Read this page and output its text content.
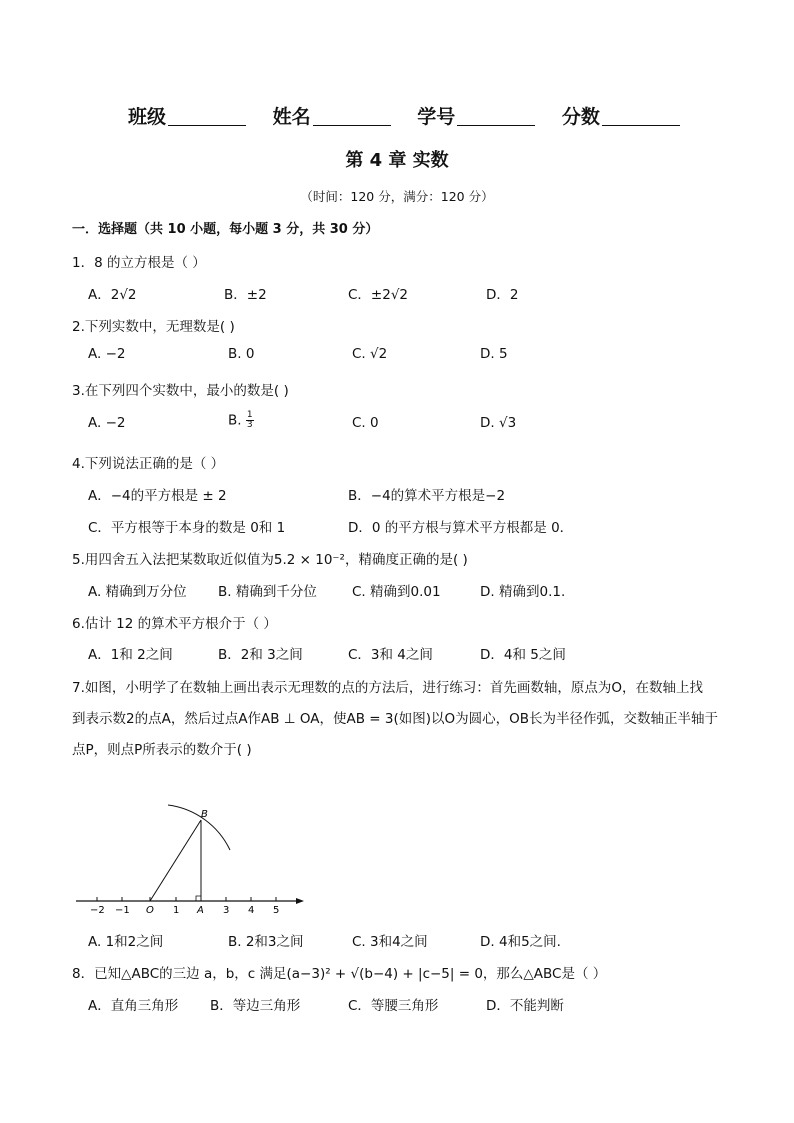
班级	姓名	学号	分数
第 4 章 实数
（时间：120 分，满分：120 分）
一．选择题（共 10 小题，每小题 3 分，共 30 分）
1．8 的立方根是（ ）
A．2√2	B．±2	C．±2√2	D．2
2.下列实数中，无理数是( )
A. −2	B. 0	C. √2	D. 5
3.在下列四个实数中，最小的数是( )
A. −2	B. $\frac{1}{3}$	C. 0	D. √3
4.下列说法正确的是（ ）
A．−4的平方根是 ± 2	B．−4的算术平方根是−2
C．平方根等于本身的数是 0和 1	D．0 的平方根与算术平方根都是 0．
5.用四舍五入法把某数取近似值为5.2 × 10⁻²，精确度正确的是( )
A. 精确到万分位 B. 精确到千分位	C. 精确到0.01	D. 精确到0.1.
6.估计 12 的算术平方根介于（ ）
A．1和 2之间	B．2和 3之间	C．3和 4之间	D．4和 5之间
7.如图，小明学了在数轴上画出表示无理数的点的方法后，进行练习：首先画数轴，原点为O，在数轴上找
到表示数2的点A，然后过点A作AB ⊥ OA，使AB = 3(如图)以O为圆心，OB长为半径作弧，交数轴正半轴于
点P，则点P所表示的数介于( )
B
O	A
−2 −1	1	3 4 5
A. 1和2之间	B. 2和3之间	C. 3和4之间	D. 4和5之间.
8．已知△ABC的三边 a，b，c 满足(a−3)² + √(b−4) + |c−5| = 0，那么△ABC是（ ）
A．直角三角形 B．等边三角形	C．等腰三角形	D．不能判断
